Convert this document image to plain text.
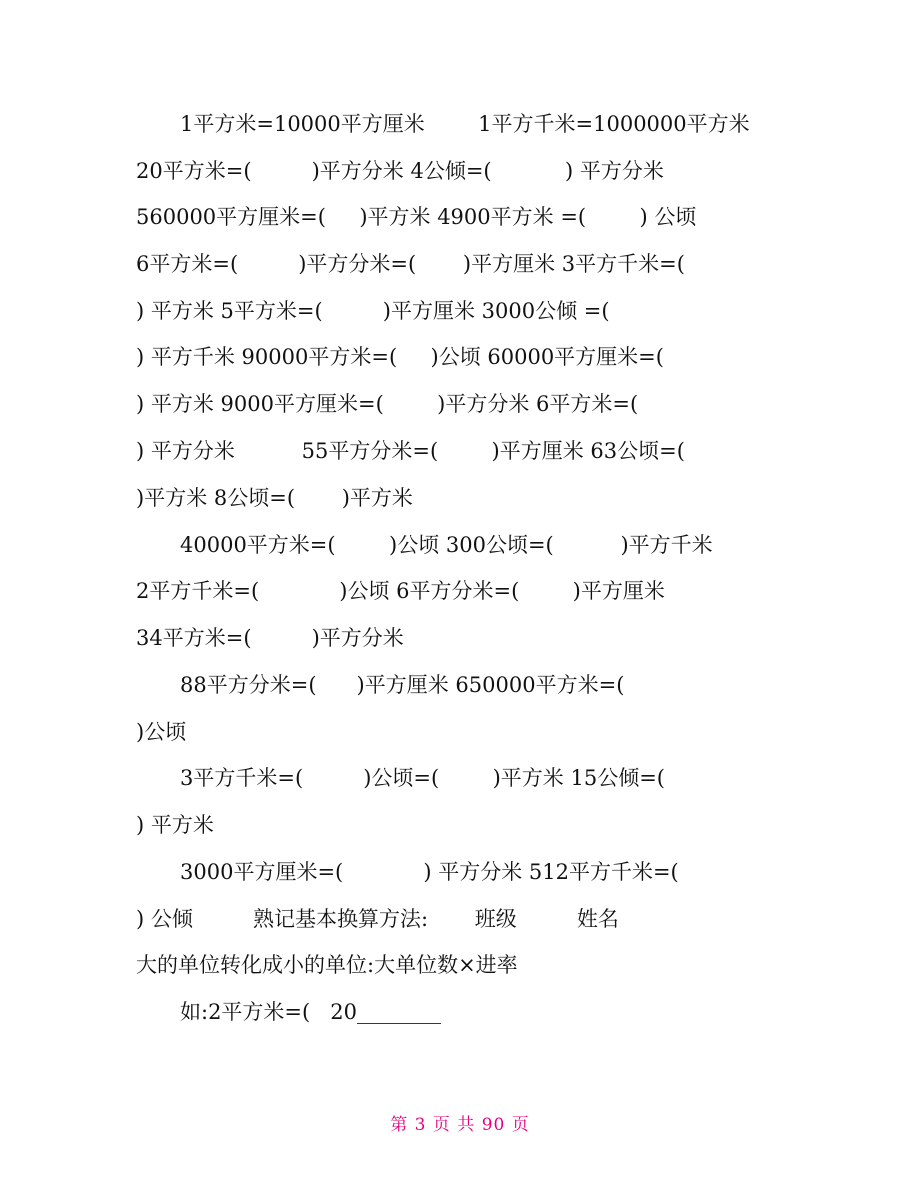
1平方米=10000平方厘米        1平方千米=1000000平方米
20平方米=(         )平方分米 4公倾=(           ) 平方分米
560000平方厘米=(     )平方米 4900平方米 =(        ) 公顷
6平方米=(         )平方分米=(       )平方厘米 3平方千米=(
) 平方米 5平方米=(         )平方厘米 3000公倾 =(
) 平方千米 90000平方米=(     )公顷 60000平方厘米=(
) 平方米 9000平方厘米=(        )平方分米 6平方米=(
) 平方分米          55平方分米=(        )平方厘米 63公顷=(
)平方米 8公顷=(       )平方米
40000平方米=(        )公顷 300公顷=(          )平方千米
2平方千米=(            )公顷 6平方分米=(        )平方厘米
34平方米=(         )平方分米
88平方分米=(      )平方厘米 650000平方米=(
)公顷
3平方千米=(         )公顷=(        )平方米 15公倾=(
) 平方米
3000平方厘米=(            ) 平方分米 512平方千米=(
) 公倾         熟记基本换算方法:       班级         姓名
大的单位转化成小的单位:大单位数×进率
如:2平方米=(   20________
第 3 页 共 90 页
